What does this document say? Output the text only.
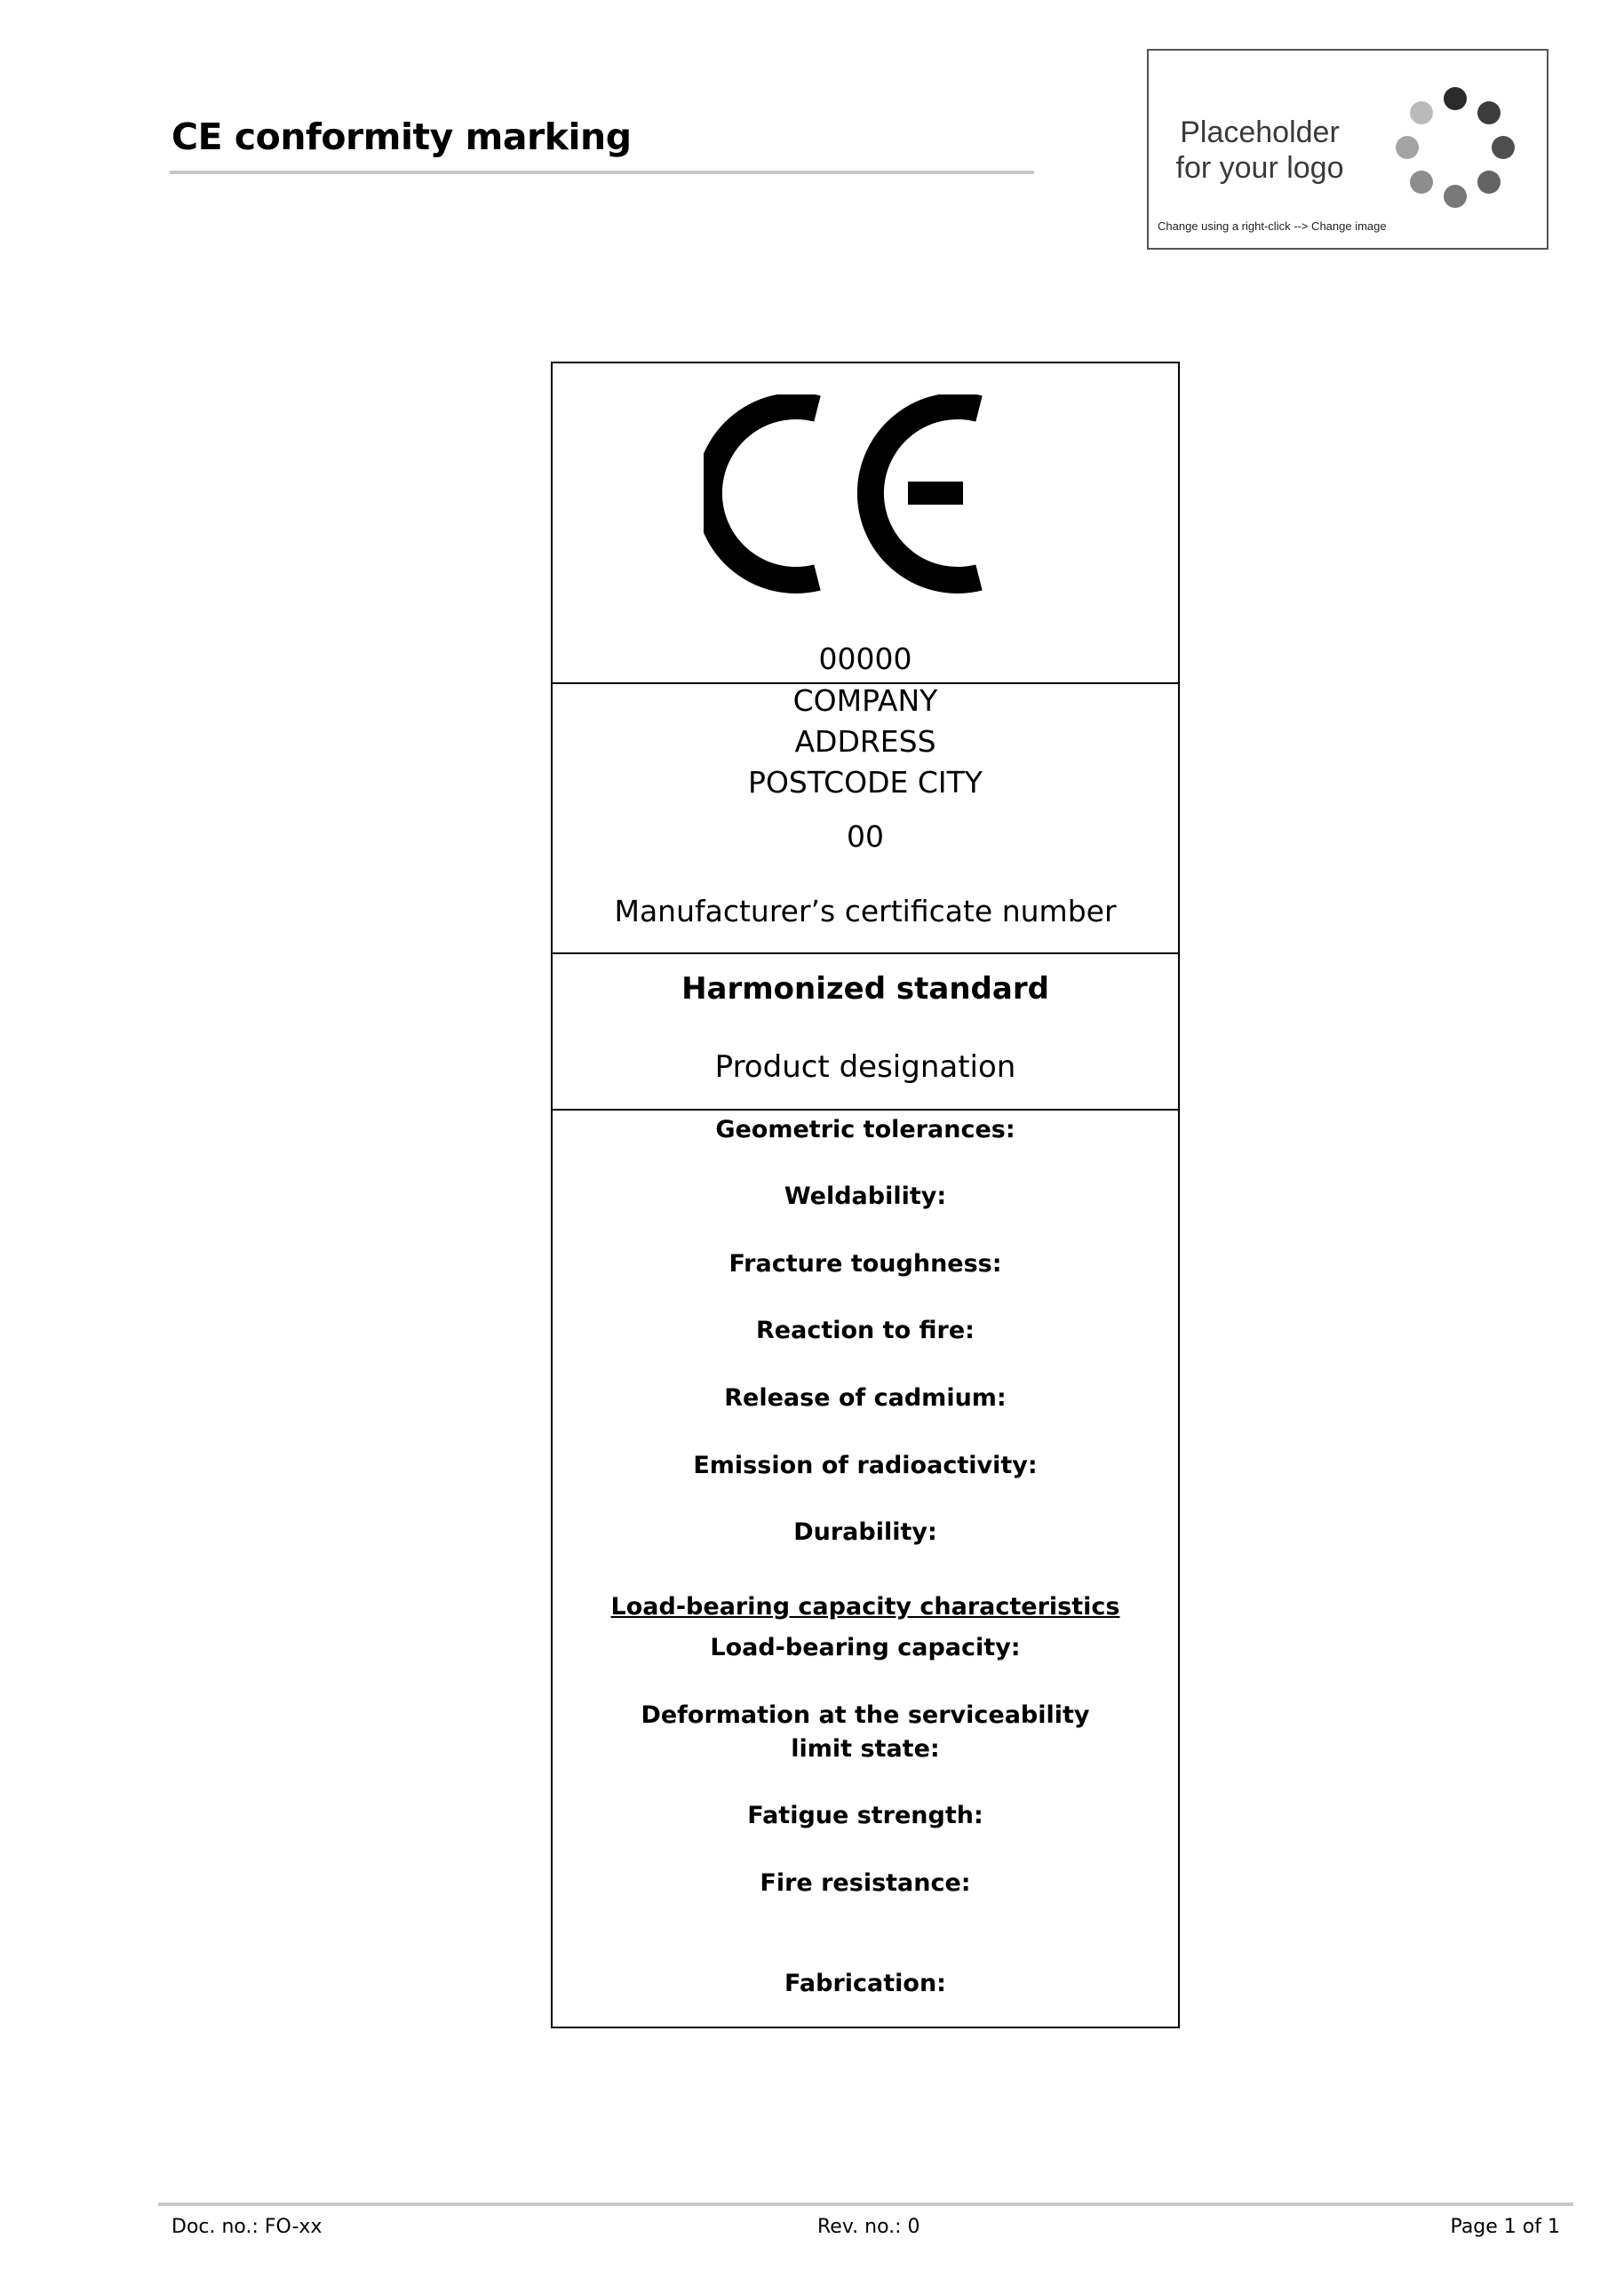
CE conformity marking	Placeholder
for your logo
Change using a right-click --> Change image
00000
COMPANY
ADDRESS
POSTCODE CITY
00
Manufacturer’s certificate number
Harmonized standard
Product designation
Geometric tolerances:
Weldability:
Fracture toughness:
Reaction to fire:
Release of cadmium:
Emission of radioactivity:
Durability:
Load-bearing capacity characteristics
Load-bearing capacity:
Deformation at the serviceability
limit state:
Fatigue strength:
Fire resistance:
Fabrication:
Doc. no.: FO-xx	Rev. no.: 0	Page 1 of 1
